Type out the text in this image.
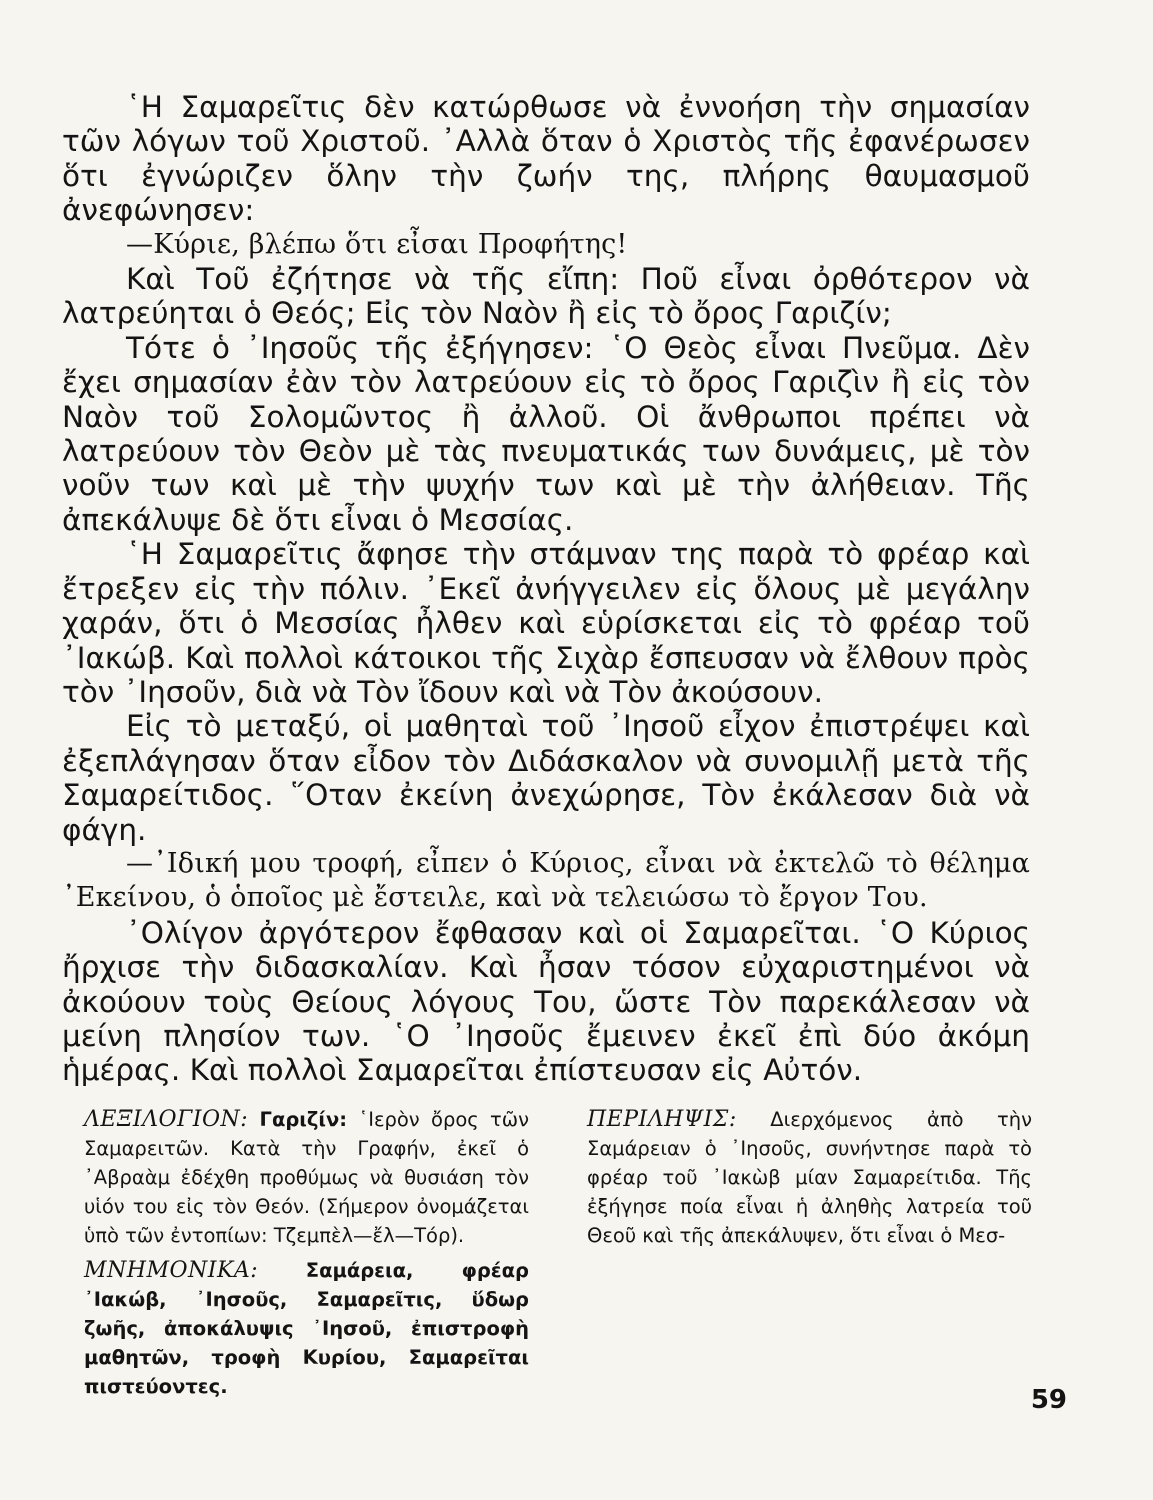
῾Η Σαμαρεῖτις δὲν κατώρθωσε νὰ ἐννοήση τὴν σημασίαν τῶν λόγων τοῦ Χριστοῦ. ᾿Αλλὰ ὅταν ὁ Χριστὸς τῆς ἐφανέρωσεν ὅτι ἐγνώριζεν ὅλην τὴν ζωήν της, πλήρης θαυμασμοῦ ἀνεφώνησεν:

—Κύριε, βλέπω ὅτι εἶσαι Προφήτης!

Καὶ Τοῦ ἐζήτησε νὰ τῆς εἴπη: Ποῦ εἶναι ὀρθότερον νὰ λατρεύηται ὁ Θεός; Εἰς τὸν Ναὸν ἢ εἰς τὸ ὄρος Γαριζίν;

Τότε ὁ ᾿Ιησοῦς τῆς ἐξήγησεν: ῾Ο Θεὸς εἶναι Πνεῦμα. Δὲν ἔχει σημασίαν ἐὰν τὸν λατρεύουν εἰς τὸ ὄρος Γαριζὶν ἢ εἰς τὸν Ναὸν τοῦ Σολομῶντος ἢ ἀλλοῦ. Οἱ ἄνθρωποι πρέπει νὰ λατρεύουν τὸν Θεὸν μὲ τὰς πνευματικάς των δυνάμεις, μὲ τὸν νοῦν των καὶ μὲ τὴν ψυχήν των καὶ μὲ τὴν ἀλήθειαν. Τῆς ἀπεκάλυψε δὲ ὅτι εἶναι ὁ Μεσσίας.

῾Η Σαμαρεῖτις ἄφησε τὴν στάμναν της παρὰ τὸ φρέαρ καὶ ἔτρεξεν εἰς τὴν πόλιν. ᾿Εκεῖ ἀνήγγειλεν εἰς ὅλους μὲ μεγάλην χαράν, ὅτι ὁ Μεσσίας ἦλθεν καὶ εὑρίσκεται εἰς τὸ φρέαρ τοῦ ᾿Ιακώβ. Καὶ πολλοὶ κάτοικοι τῆς Σιχὰρ ἔσπευσαν νὰ ἔλθουν πρὸς τὸν ᾿Ιησοῦν, διὰ νὰ Τὸν ἴδουν καὶ νὰ Τὸν ἀκούσουν.

Εἰς τὸ μεταξύ, οἱ μαθηταὶ τοῦ ᾿Ιησοῦ εἶχον ἐπιστρέψει καὶ ἐξεπλάγησαν ὅταν εἶδον τὸν Διδάσκαλον νὰ συνομιλῇ μετὰ τῆς Σαμαρείτιδος. ῞Οταν ἐκείνη ἀνεχώρησε, Τὸν ἐκάλεσαν διὰ νὰ φάγη.

—᾿Ιδική μου τροφή, εἶπεν ὁ Κύριος, εἶναι νὰ ἐκτελῶ τὸ θέλημα ᾿Εκείνου, ὁ ὁποῖος μὲ ἔστειλε, καὶ νὰ τελειώσω τὸ ἔργον Του.

᾿Ολίγον ἀργότερον ἔφθασαν καὶ οἱ Σαμαρεῖται. ῾Ο Κύριος ἤρχισε τὴν διδασκαλίαν. Καὶ ἦσαν τόσον εὐχαριστημένοι νὰ ἀκούουν τοὺς Θείους λόγους Του, ὥστε Τὸν παρεκάλεσαν νὰ μείνη πλησίον των. ῾Ο ᾿Ιησοῦς ἔμεινεν ἐκεῖ ἐπὶ δύο ἀκόμη ἡμέρας. Καὶ πολλοὶ Σαμαρεῖται ἐπίστευσαν εἰς Αὐτόν.

ΛΕΞΙΛΟΓΙΟΝ: Γαριζίν: ῾Ιερὸν ὄρος τῶν Σαμαρειτῶν. Κατὰ τὴν Γραφήν, ἐκεῖ ὁ ᾿Αβραὰμ ἐδέχθη προθύμως νὰ θυσιάση τὸν υἱόν του εἰς τὸν Θεόν. (Σήμερον ὀνομάζεται ὑπὸ τῶν ἐντοπίων: Τζεμπὲλ—ἔλ—Τόρ).

ΜΝΗΜΟΝΙΚΑ: Σαμάρεια, φρέαρ ᾿Ιακώβ, ᾿Ιησοῦς, Σαμαρεῖτις, ὕδωρ ζωῆς, ἀποκάλυψις ᾿Ιησοῦ, ἐπιστροφὴ μαθητῶν, τροφὴ Κυρίου, Σαμαρεῖται πιστεύοντες.

ΠΕΡΙΛΗΨΙΣ: Διερχόμενος ἀπὸ τὴν Σαμάρειαν ὁ ᾿Ιησοῦς, συνήντησε παρὰ τὸ φρέαρ τοῦ ᾿Ιακὼβ μίαν Σαμαρείτιδα. Τῆς ἐξήγησε ποία εἶναι ἡ ἀληθὴς λατρεία τοῦ Θεοῦ καὶ τῆς ἀπεκάλυψεν, ὅτι εἶναι ὁ Μεσ-

59
